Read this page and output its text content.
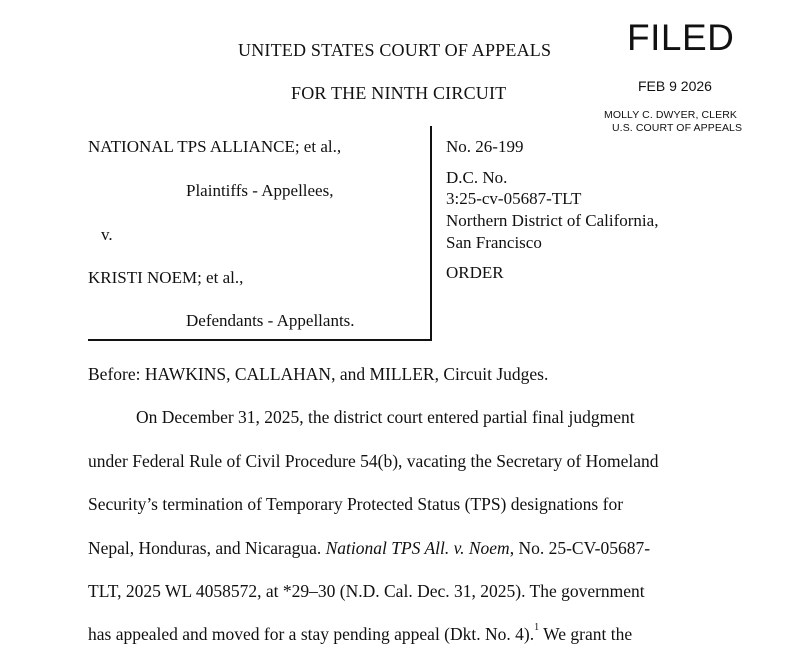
UNITED STATES COURT OF APPEALS
FOR THE NINTH CIRCUIT
FILED
FEB 9 2026
MOLLY C. DWYER, CLERK
U.S. COURT OF APPEALS
NATIONAL TPS ALLIANCE; et al.,
Plaintiffs - Appellees,
v.
KRISTI NOEM; et al.,
Defendants - Appellants.
No. 26-199
D.C. No.
3:25-cv-05687-TLT
Northern District of California,
San Francisco
ORDER
Before: HAWKINS, CALLAHAN, and MILLER, Circuit Judges.
On December 31, 2025, the district court entered partial final judgment
under Federal Rule of Civil Procedure 54(b), vacating the Secretary of Homeland
Security’s termination of Temporary Protected Status (TPS) designations for
Nepal, Honduras, and Nicaragua. National TPS All. v. Noem, No. 25-CV-05687-
TLT, 2025 WL 4058572, at *29–30 (N.D. Cal. Dec. 31, 2025). The government
has appealed and moved for a stay pending appeal (Dkt. No. 4).$^1$ We grant the
